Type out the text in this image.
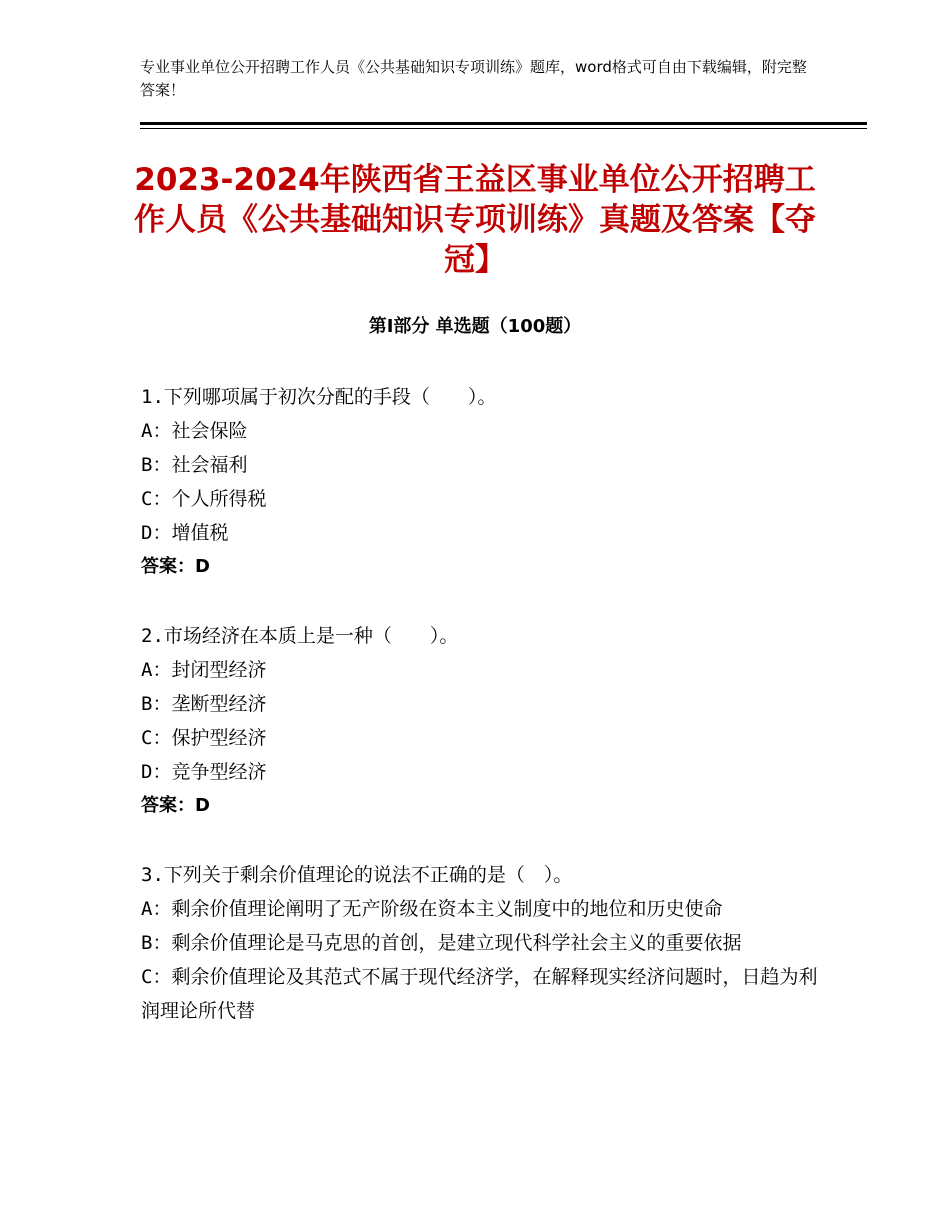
专业事业单位公开招聘工作人员《公共基础知识专项训练》题库，word格式可自由下载编辑，附完整答案！
2023-2024年陕西省王益区事业单位公开招聘工作人员《公共基础知识专项训练》真题及答案【夺冠】
第I部分 单选题（100题）
1.下列哪项属于初次分配的手段（　　）。
A：社会保险
B：社会福利
C：个人所得税
D：增值税
答案：D
2.市场经济在本质上是一种（　　）。
A：封闭型经济
B：垄断型经济
C：保护型经济
D：竞争型经济
答案：D
3.下列关于剩余价值理论的说法不正确的是（　）。
A：剩余价值理论阐明了无产阶级在资本主义制度中的地位和历史使命
B：剩余价值理论是马克思的首创，是建立现代科学社会主义的重要依据
C：剩余价值理论及其范式不属于现代经济学，在解释现实经济问题时，日趋为利润理论所代替
